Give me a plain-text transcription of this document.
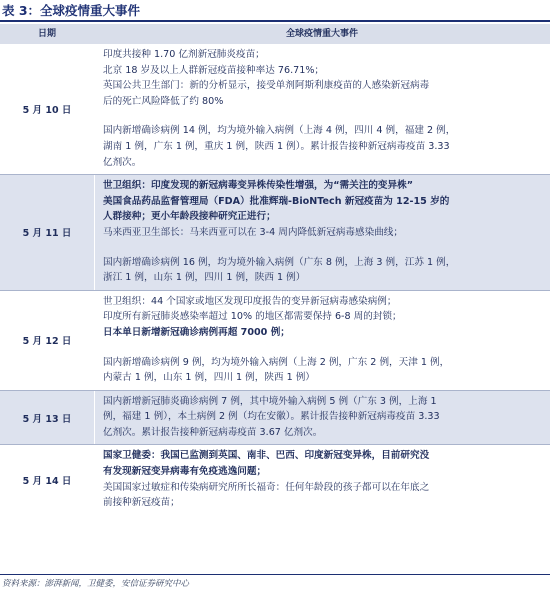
表 3：全球疫情重大事件
日期	全球疫情重大事件
5 月 10 日
印度共接种 1.70 亿剂新冠肺炎疫苗；
北京 18 岁及以上人群新冠疫苗接种率达 76.71%；
英国公共卫生部门：新的分析显示，接受单剂阿斯利康疫苗的人感染新冠病毒
后的死亡风险降低了约 80%
国内新增确诊病例 14 例，均为境外输入病例（上海 4 例，四川 4 例，福建 2 例，
湖南 1 例，广东 1 例，重庆 1 例，陕西 1 例）。累计报告接种新冠病毒疫苗 3.33
亿剂次。
5 月 11 日
世卫组织：印度发现的新冠病毒变异株传染性增强，为“需关注的变异株”
美国食品药品监督管理局（FDA）批准辉瑞-BioNTech 新冠疫苗为 12-15 岁的
人群接种；更小年龄段接种研究正进行；
马来西亚卫生部长：马来西亚可以在 3-4 周内降低新冠病毒感染曲线；
国内新增确诊病例 16 例，均为境外输入病例（广东 8 例，上海 3 例，江苏 1 例，
浙江 1 例，山东 1 例，四川 1 例，陕西 1 例）
5 月 12 日
世卫组织：44 个国家或地区发现印度报告的变异新冠病毒感染病例；
印度所有新冠肺炎感染率超过 10% 的地区都需要保持 6-8 周的封锁；
日本单日新增新冠确诊病例再超 7000 例；
国内新增确诊病例 9 例，均为境外输入病例（上海 2 例，广东 2 例，天津 1 例，
内蒙古 1 例，山东 1 例，四川 1 例，陕西 1 例）
5 月 13 日
国内新增新冠肺炎确诊病例 7 例，其中境外输入病例 5 例（广东 3 例，上海 1
例，福建 1 例），本土病例 2 例（均在安徽）。累计报告接种新冠病毒疫苗 3.33
亿剂次。累计报告接种新冠病毒疫苗 3.67 亿剂次。
5 月 14 日
国家卫健委：我国已监测到英国、南非、巴西、印度新冠变异株，目前研究没
有发现新冠变异病毒有免疫逃逸问题；
美国国家过敏症和传染病研究所所长福奇：任何年龄段的孩子都可以在年底之
前接种新冠疫苗；
资料来源：澎湃新闻，卫健委，安信证券研究中心
